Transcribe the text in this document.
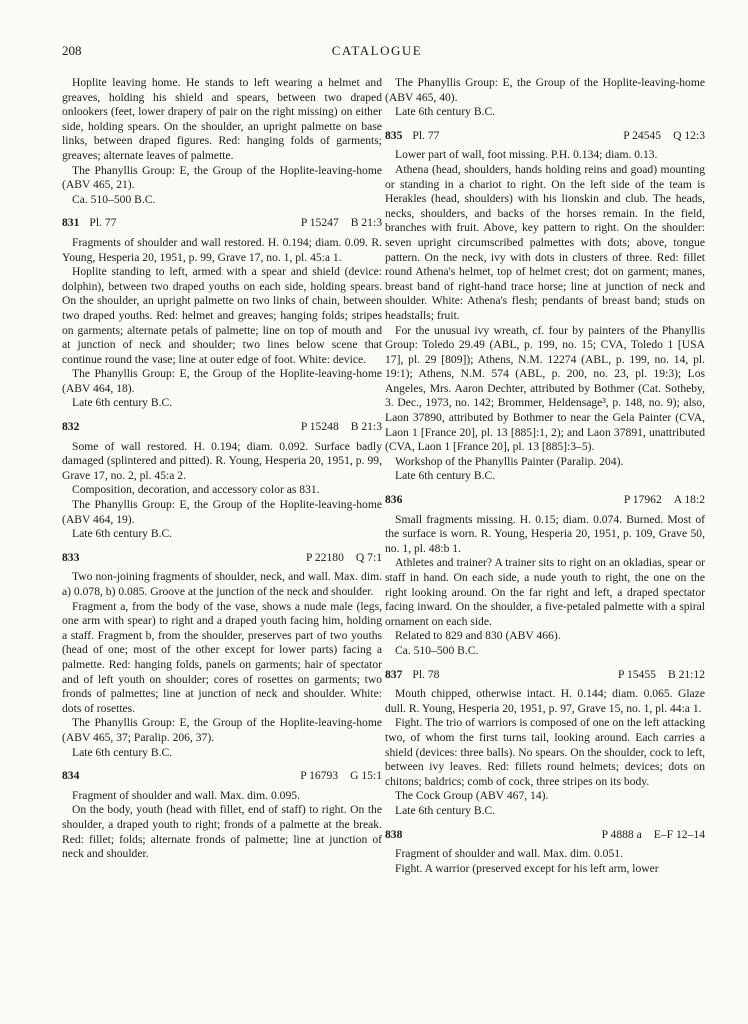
208	CATALOGUE

Hoplite leaving home. He stands to left wearing a helmet and greaves, holding his shield and spears, between two draped onlookers (feet, lower drapery of pair on the right missing) on either side, holding spears. On the shoulder, an upright palmette on base links, between draped figures. Red: hanging folds of garments; greaves; alternate leaves of palmette.

The Phanyllis Group: E, the Group of the Hoplite-leaving-home (ABV 465, 21).

Ca. 510–500 B.C.

831 Pl. 77	P 15247 B 21:3

Fragments of shoulder and wall restored. H. 0.194; diam. 0.09. R. Young, Hesperia 20, 1951, p. 99, Grave 17, no. 1, pl. 45:a 1.

Hoplite standing to left, armed with a spear and shield (device: dolphin), between two draped youths on each side, holding spears. On the shoulder, an upright palmette on two links of chain, between two draped youths. Red: helmet and greaves; hanging folds; stripes on garments; alternate petals of palmette; line on top of mouth and at junction of neck and shoulder; two lines below scene that continue round the vase; line at outer edge of foot. White: device.

The Phanyllis Group: E, the Group of the Hoplite-leaving-home (ABV 464, 18).

Late 6th century B.C.

832	P 15248 B 21:3

Some of wall restored. H. 0.194; diam. 0.092. Surface badly damaged (splintered and pitted). R. Young, Hesperia 20, 1951, p. 99, Grave 17, no. 2, pl. 45:a 2.

Composition, decoration, and accessory color as 831.

The Phanyllis Group: E, the Group of the Hoplite-leaving-home (ABV 464, 19).

Late 6th century B.C.

833	P 22180 Q 7:1

Two non-joining fragments of shoulder, neck, and wall. Max. dim. a) 0.078, b) 0.085. Groove at the junction of the neck and shoulder.

Fragment a, from the body of the vase, shows a nude male (legs, one arm with spear) to right and a draped youth facing him, holding a staff. Fragment b, from the shoulder, preserves part of two youths (head of one; most of the other except for lower parts) facing a palmette. Red: hanging folds, panels on garments; hair of spectator and of left youth on shoulder; cores of rosettes on garments; two fronds of palmettes; line at junction of neck and shoulder. White: dots of rosettes.

The Phanyllis Group: E, the Group of the Hoplite-leaving-home (ABV 465, 37; Paralip. 206, 37).

Late 6th century B.C.

834	P 16793 G 15:1

Fragment of shoulder and wall. Max. dim. 0.095.

On the body, youth (head with fillet, end of staff) to right. On the shoulder, a draped youth to right; fronds of a palmette at the break. Red: fillet; folds; alternate fronds of palmette; line at junction of neck and shoulder.

The Phanyllis Group: E, the Group of the Hoplite-leaving-home (ABV 465, 40).

Late 6th century B.C.

835 Pl. 77	P 24545 Q 12:3

Lower part of wall, foot missing. P.H. 0.134; diam. 0.13.

Athena (head, shoulders, hands holding reins and goad) mounting or standing in a chariot to right. On the left side of the team is Herakles (head, shoulders) with his lionskin and club. The heads, necks, shoulders, and backs of the horses remain. In the field, branches with fruit. Above, key pattern to right. On the shoulder: seven upright circumscribed palmettes with dots; above, tongue pattern. On the neck, ivy with dots in clusters of three. Red: fillet round Athena's helmet, top of helmet crest; dot on garment; manes, breast band of right-hand trace horse; line at junction of neck and shoulder. White: Athena's flesh; pendants of breast band; studs on headstalls; fruit.

For the unusual ivy wreath, cf. four by painters of the Phanyllis Group: Toledo 29.49 (ABL, p. 199, no. 15; CVA, Toledo 1 [USA 17], pl. 29 [809]); Athens, N.M. 12274 (ABL, p. 199, no. 14, pl. 19:1); Athens, N.M. 574 (ABL, p. 200, no. 23, pl. 19:3); Los Angeles, Mrs. Aaron Dechter, attributed by Bothmer (Cat. Sotheby, 3. Dec., 1973, no. 142; Brommer, Heldensage³, p. 148, no. 9); also, Laon 37890, attributed by Bothmer to near the Gela Painter (CVA, Laon 1 [France 20], pl. 13 [885]:1, 2); and Laon 37891, unattributed (CVA, Laon 1 [France 20], pl. 13 [885]:3–5).

Workshop of the Phanyllis Painter (Paralip. 204).

Late 6th century B.C.

836	P 17962 A 18:2

Small fragments missing. H. 0.15; diam. 0.074. Burned. Most of the surface is worn. R. Young, Hesperia 20, 1951, p. 109, Grave 50, no. 1, pl. 48:b 1.

Athletes and trainer? A trainer sits to right on an okladias, spear or staff in hand. On each side, a nude youth to right, the one on the right looking around. On the far right and left, a draped spectator facing inward. On the shoulder, a five-petaled palmette with a spiral ornament on each side.

Related to 829 and 830 (ABV 466).

Ca. 510–500 B.C.

837 Pl. 78	P 15455 B 21:12

Mouth chipped, otherwise intact. H. 0.144; diam. 0.065. Glaze dull. R. Young, Hesperia 20, 1951, p. 97, Grave 15, no. 1, pl. 44:a 1.

Fight. The trio of warriors is composed of one on the left attacking two, of whom the first turns tail, looking around. Each carries a shield (devices: three balls). No spears. On the shoulder, cock to left, between ivy leaves. Red: fillets round helmets; devices; dots on chitons; baldrics; comb of cock, three stripes on its body.

The Cock Group (ABV 467, 14).

Late 6th century B.C.

838	P 4888 a E–F 12–14

Fragment of shoulder and wall. Max. dim. 0.051.

Fight. A warrior (preserved except for his left arm, lower
